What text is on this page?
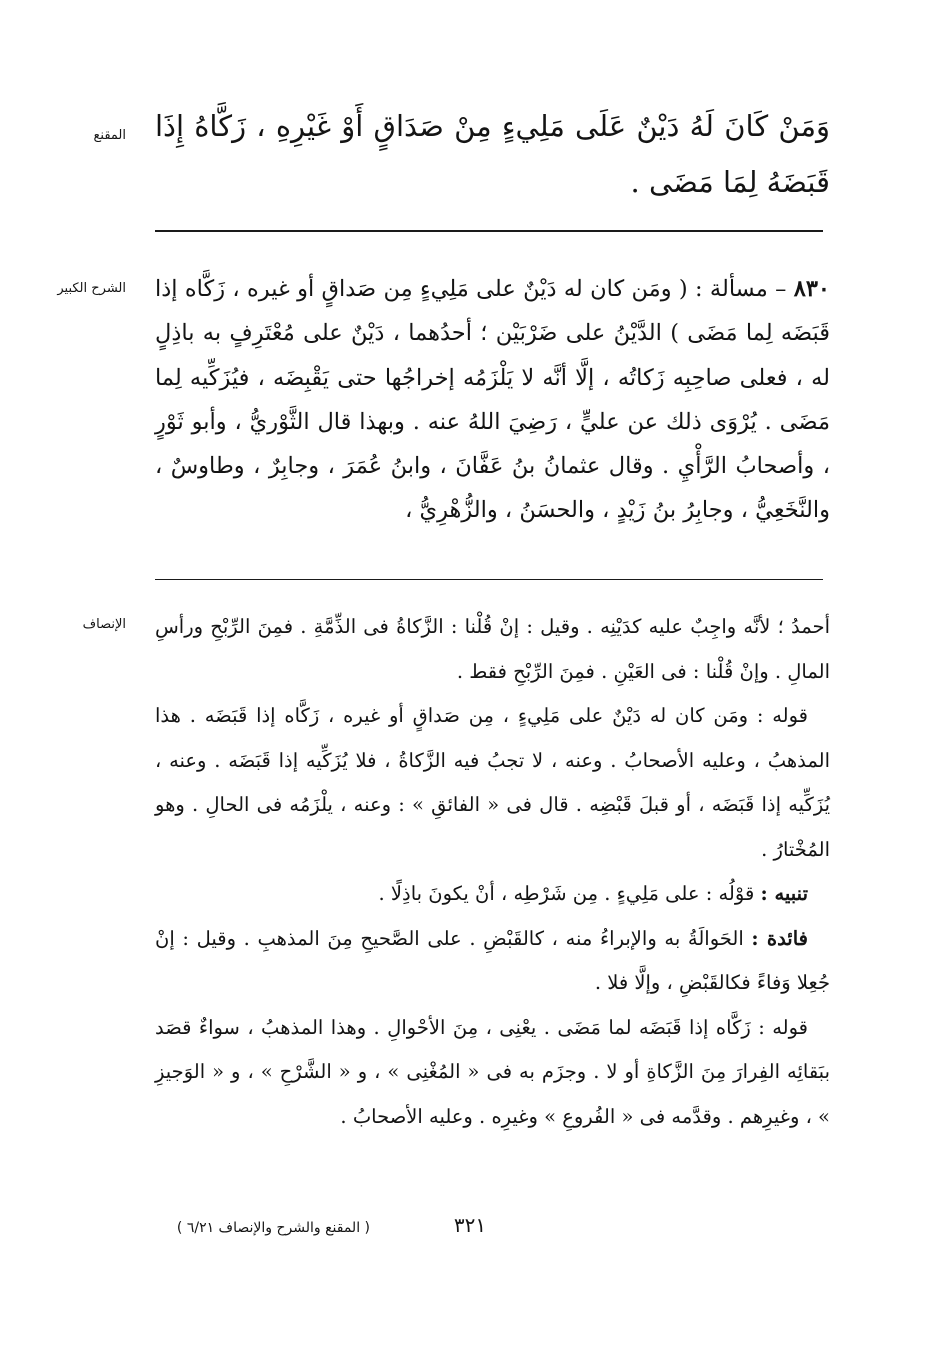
المقنع وَمَنْ كَانَ لَهُ دَيْنٌ عَلَى مَلِيءٍ مِنْ صَدَاقٍ أَوْ غَيْرِهِ ، زَكَّاهُ إِذَا قَبَضَهُ لِمَا مَضَى .

الشرح الكبير	٨٣٠ – مسألة : ( ومَن كان له دَيْنٌ على مَلِيءٍ مِن صَداقٍ أو غيره ، زَكَّاه إذا قَبَضَه لِما مَضَى ) الدَّيْنُ على ضَرْبَيْن ؛ أحدُهما ، دَيْنٌ على مُعْتَرِفٍ به باذِلٍ له ، فعلى صاحِبِه زَكاتُه ، إلَّا أنَّه لا يَلْزَمُه إخراجُها حتى يَقْبِضَه ، فيُزَكِّيه لِما مَضَى . يُرْوَى ذلك عن عليٍّ ، رَضِيَ اللهُ عنه . وبهذا قال الثَّوْريُّ ، وأبو ثَوْرٍ ، وأصحابُ الرَّأْيِ . وقال عثمانُ بنُ عَفَّانَ ، وابنُ عُمَرَ ، وجابِرٌ ، وطاوسٌ ، والنَّخَعِيُّ ، وجابِرُ بنُ زَيْدٍ ، والحسَنُ ، والزُّهْرِيُّ ،

الإنصاف أحمدُ ؛ لأنَّه واجِبٌ عليه كدَيْنِه . وقيل : إنْ قُلْنا : الزَّكاةُ فى الذِّمَّةِ . فمِنَ الرِّبْحِ ورأسِ المالِ . وإنْ قُلْنا : فى العَيْنِ . فمِنَ الرِّبْحِ فقط .

قوله : ومَن كان له دَيْنٌ على مَلِيءٍ ، مِن صَداقٍ أو غيره ، زَكَّاه إذا قَبَضَه . هذا المذهبُ ، وعليه الأصحابُ . وعنه ، لا تجبُ فيه الزَّكاةُ ، فلا يُزَكِّيه إذا قَبَضَه . وعنه ، يُزَكِّيه إذا قَبَضَه ، أو قبلَ قَبْضِه . قال فى « الفائقِ » : وعنه ، يلْزَمُه فى الحالِ . وهو المُخْتارُ .

تنبيه : قوْلُه : على مَلِيءٍ . مِن شَرْطِه ، أنْ يكونَ باذِلًا .

فائدة : الحَوالَةُ به والإبراءُ منه ، كالقَبْضِ . على الصَّحيحِ مِنَ المذهبِ . وقيل : إنْ جُعِلا وَفاءً فكالقَبْضِ ، وإلَّا فلا .

قوله : زَكَّاه إذا قَبَضَه لما مَضَى . يعْنِى ، مِنَ الأحْوالِ . وهذا المذهبُ ، سواءٌ قصَد ببَقائِه الفِرارَ مِنَ الزَّكاةِ أو لا . وجزَم به فى « المُغْنِى » ، و « الشَّرْحِ » ، و « الوَجيزِ » ، وغيرِهم . وقدَّمه فى « الفُروعِ » وغيرِه . وعليه الأصحابُ .

٣٢١
( المقنع والشرح والإنصاف ٦/٢١ )
